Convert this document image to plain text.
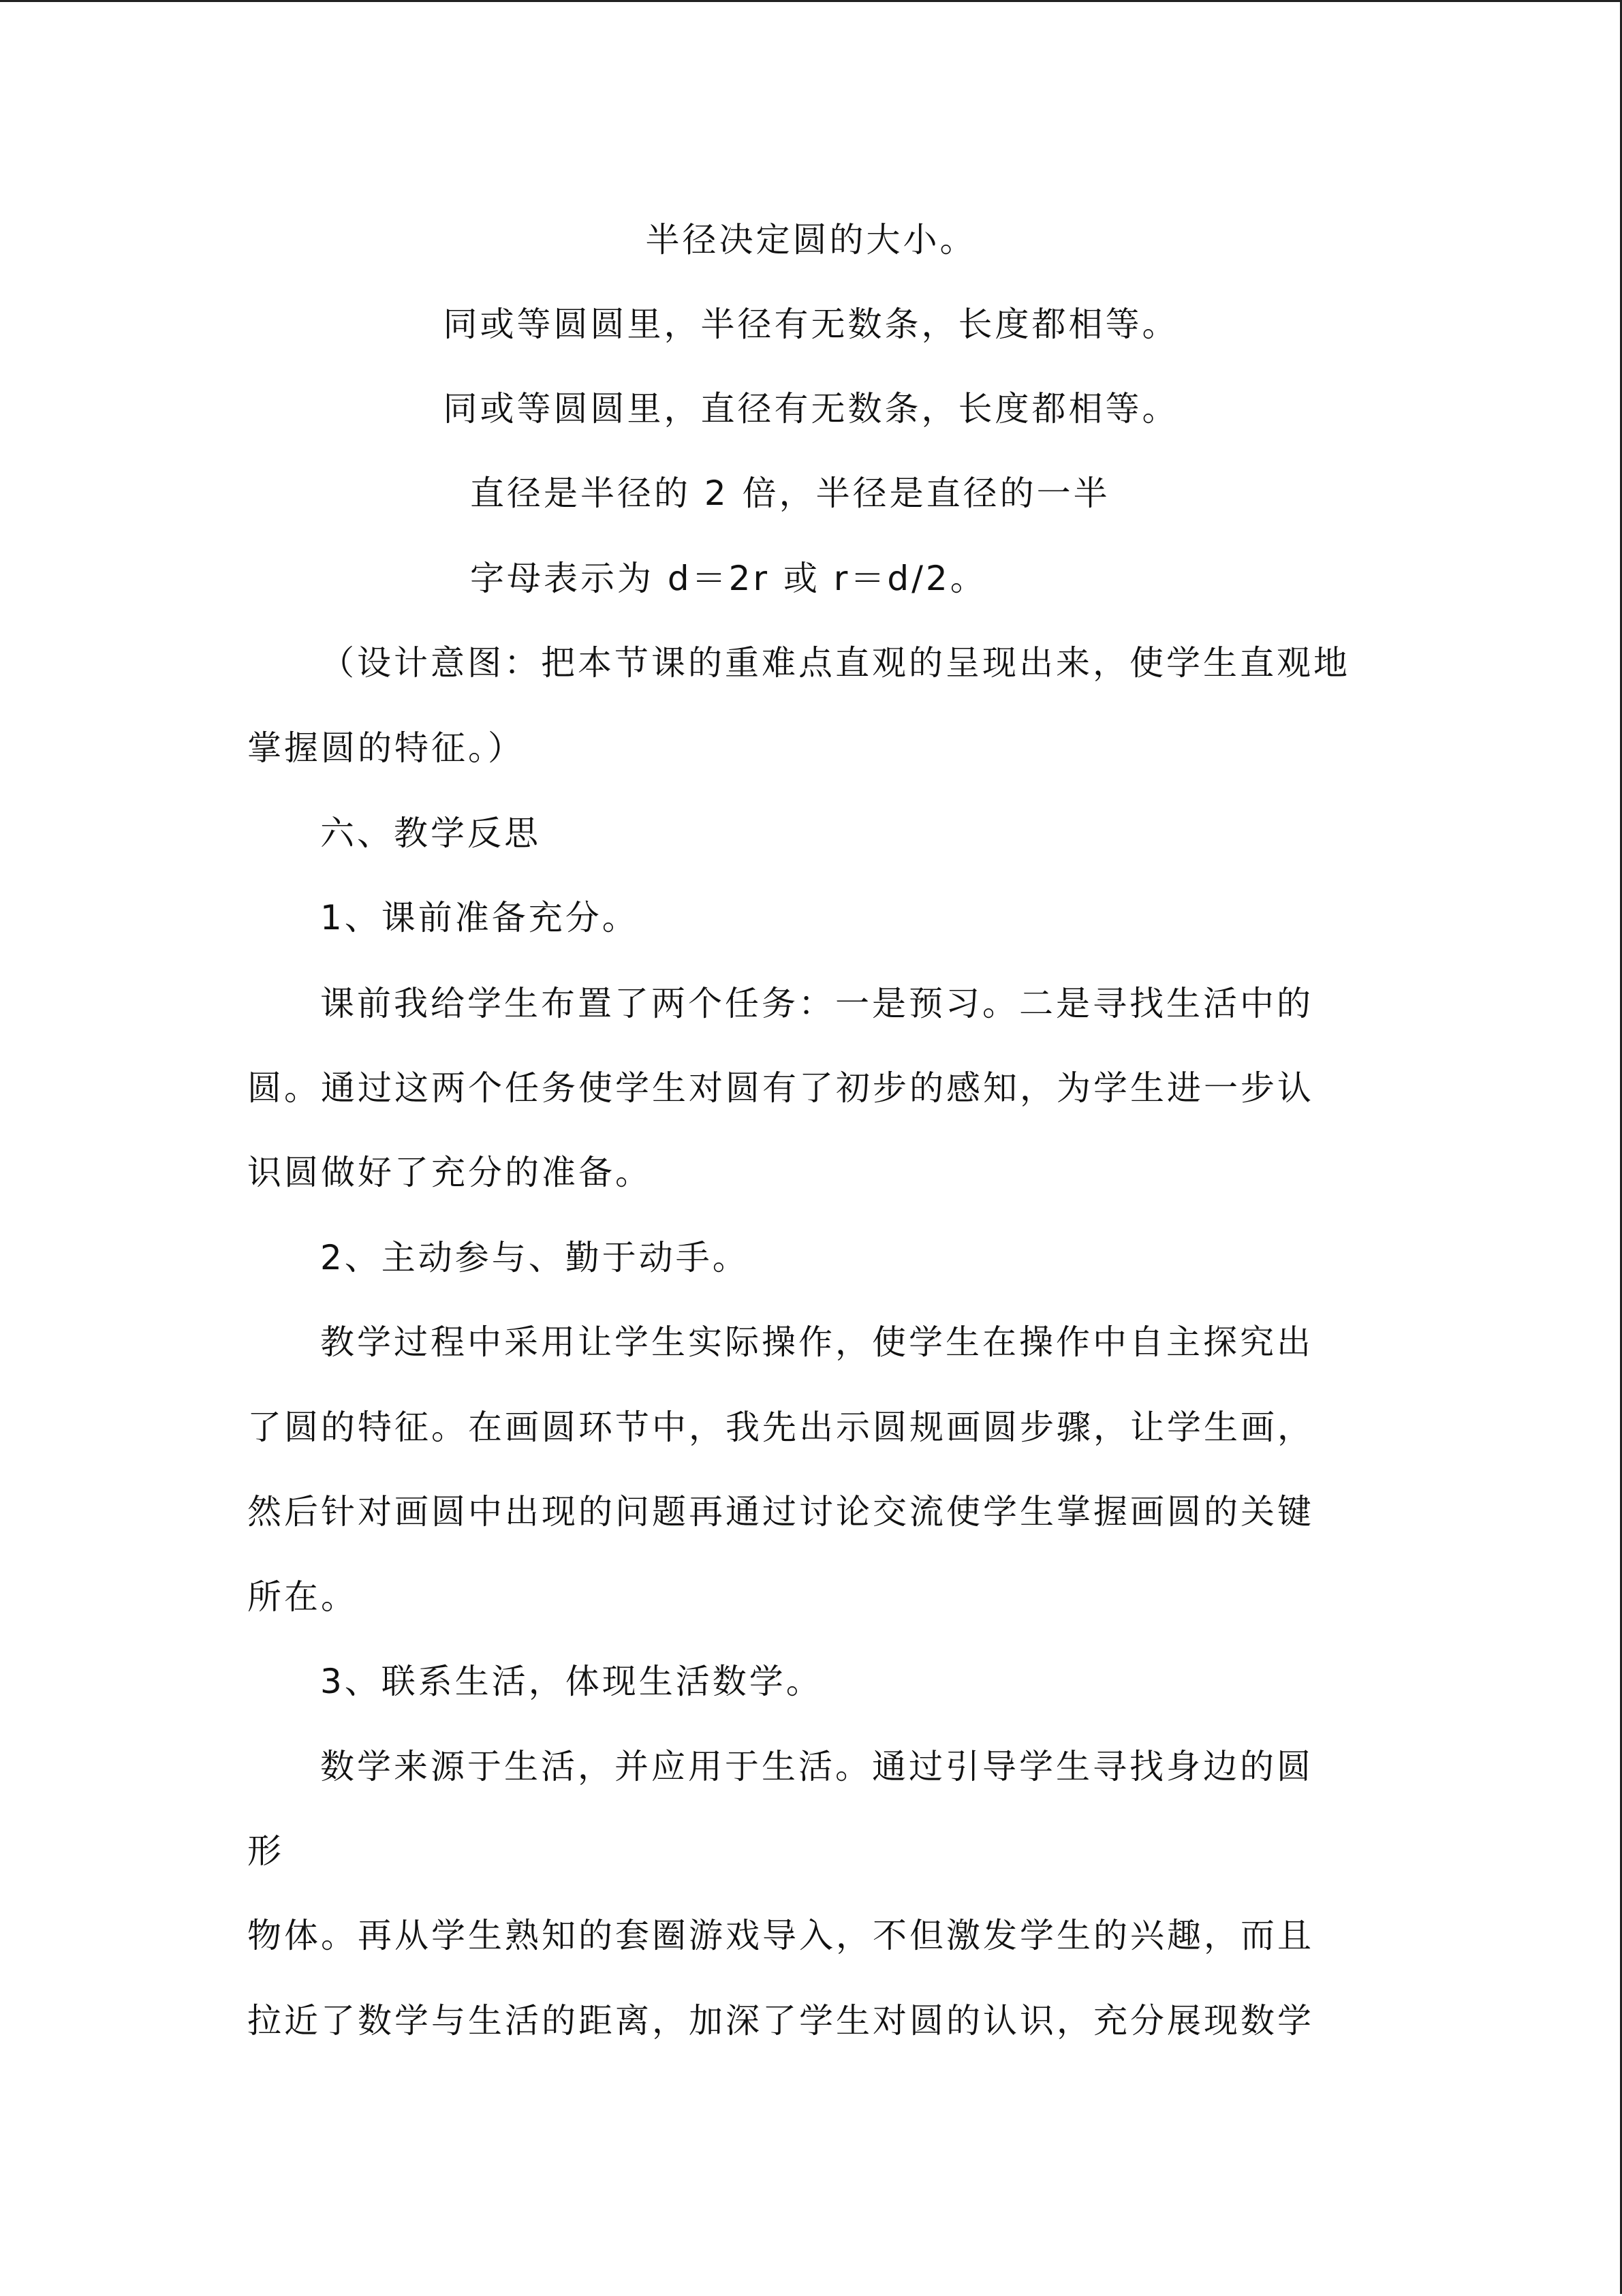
半径决定圆的大小。

同或等圆圆里，半径有无数条，长度都相等。

同或等圆圆里，直径有无数条，长度都相等。

直径是半径的 2 倍，半径是直径的一半

字母表示为 d＝2r 或 r＝d/2。

（设计意图：把本节课的重难点直观的呈现出来，使学生直观地

掌握圆的特征。）

六、教学反思

1、课前准备充分。

课前我给学生布置了两个任务：一是预习。二是寻找生活中的

圆。通过这两个任务使学生对圆有了初步的感知，为学生进一步认

识圆做好了充分的准备。

2、主动参与、勤于动手。

教学过程中采用让学生实际操作，使学生在操作中自主探究出

了圆的特征。在画圆环节中，我先出示圆规画圆步骤，让学生画，

然后针对画圆中出现的问题再通过讨论交流使学生掌握画圆的关键

所在。

3、联系生活，体现生活数学。

数学来源于生活，并应用于生活。通过引导学生寻找身边的圆

形

物体。再从学生熟知的套圈游戏导入，不但激发学生的兴趣，而且

拉近了数学与生活的距离，加深了学生对圆的认识，充分展现数学
